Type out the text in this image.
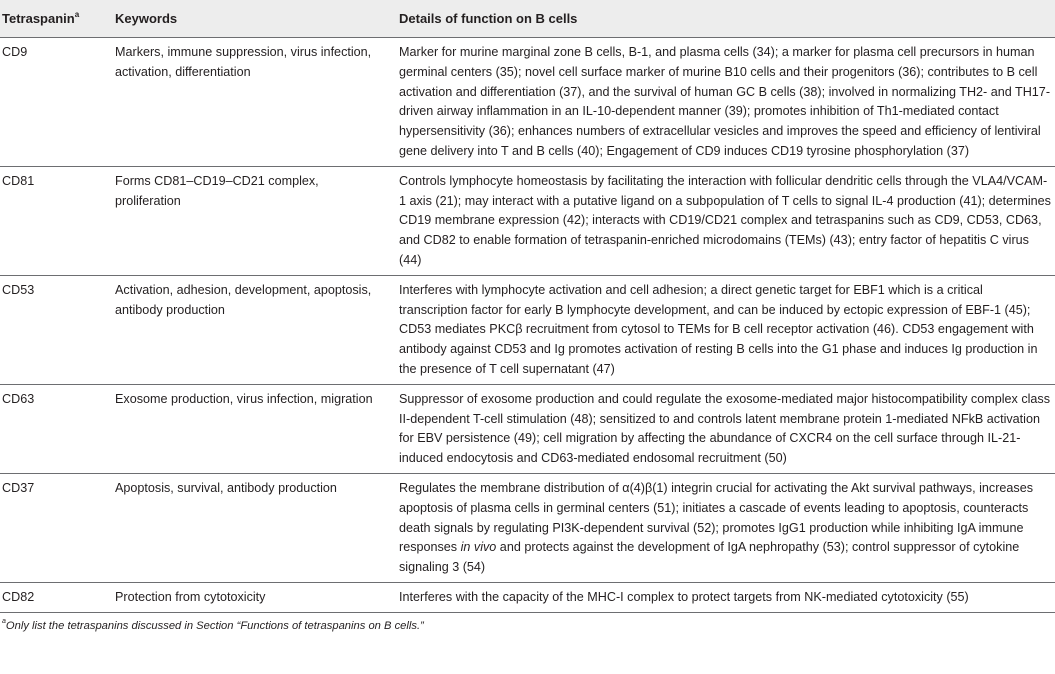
Tetraspanin$^a$	Keywords	Details of function on B cells
CD9	Markers, immune suppression, virus infection, activation, differentiation	Marker for murine marginal zone B cells, B-1, and plasma cells (34); a marker for plasma cell precursors in human germinal centers (35); novel cell surface marker of murine B10 cells and their progenitors (36); contributes to B cell activation and differentiation (37), and the survival of human GC B cells (38); involved in normalizing TH2- and TH17-driven airway inflammation in an IL-10-dependent manner (39); promotes inhibition of Th1-mediated contact hypersensitivity (36); enhances numbers of extracellular vesicles and improves the speed and efficiency of lentiviral gene delivery into T and B cells (40); Engagement of CD9 induces CD19 tyrosine phosphorylation (37)
CD81	Forms CD81–CD19–CD21 complex, proliferation	Controls lymphocyte homeostasis by facilitating the interaction with follicular dendritic cells through the VLA4/VCAM-1 axis (21); may interact with a putative ligand on a subpopulation of T cells to signal IL-4 production (41); determines CD19 membrane expression (42); interacts with CD19/CD21 complex and tetraspanins such as CD9, CD53, CD63, and CD82 to enable formation of tetraspanin-enriched microdomains (TEMs) (43); entry factor of hepatitis C virus (44)
CD53	Activation, adhesion, development, apoptosis, antibody production	Interferes with lymphocyte activation and cell adhesion; a direct genetic target for EBF1 which is a critical transcription factor for early B lymphocyte development, and can be induced by ectopic expression of EBF-1 (45); CD53 mediates PKCβ recruitment from cytosol to TEMs for B cell receptor activation (46). CD53 engagement with antibody against CD53 and Ig promotes activation of resting B cells into the G1 phase and induces Ig production in the presence of T cell supernatant (47)
CD63	Exosome production, virus infection, migration	Suppressor of exosome production and could regulate the exosome-mediated major histocompatibility complex class II-dependent T-cell stimulation (48); sensitized to and controls latent membrane protein 1-mediated NFkB activation for EBV persistence (49); cell migration by affecting the abundance of CXCR4 on the cell surface through IL-21-induced endocytosis and CD63-mediated endosomal recruitment (50)
CD37	Apoptosis, survival, antibody production	Regulates the membrane distribution of α(4)β(1) integrin crucial for activating the Akt survival pathways, increases apoptosis of plasma cells in germinal centers (51); initiates a cascade of events leading to apoptosis, counteracts death signals by regulating PI3K-dependent survival (52); promotes IgG1 production while inhibiting IgA immune responses in vivo and protects against the development of IgA nephropathy (53); control suppressor of cytokine signaling 3 (54)
CD82	Protection from cytotoxicity	Interferes with the capacity of the MHC-I complex to protect targets from NK-mediated cytotoxicity (55)
$^a$Only list the tetraspanins discussed in Section “Functions of tetraspanins on B cells.”
